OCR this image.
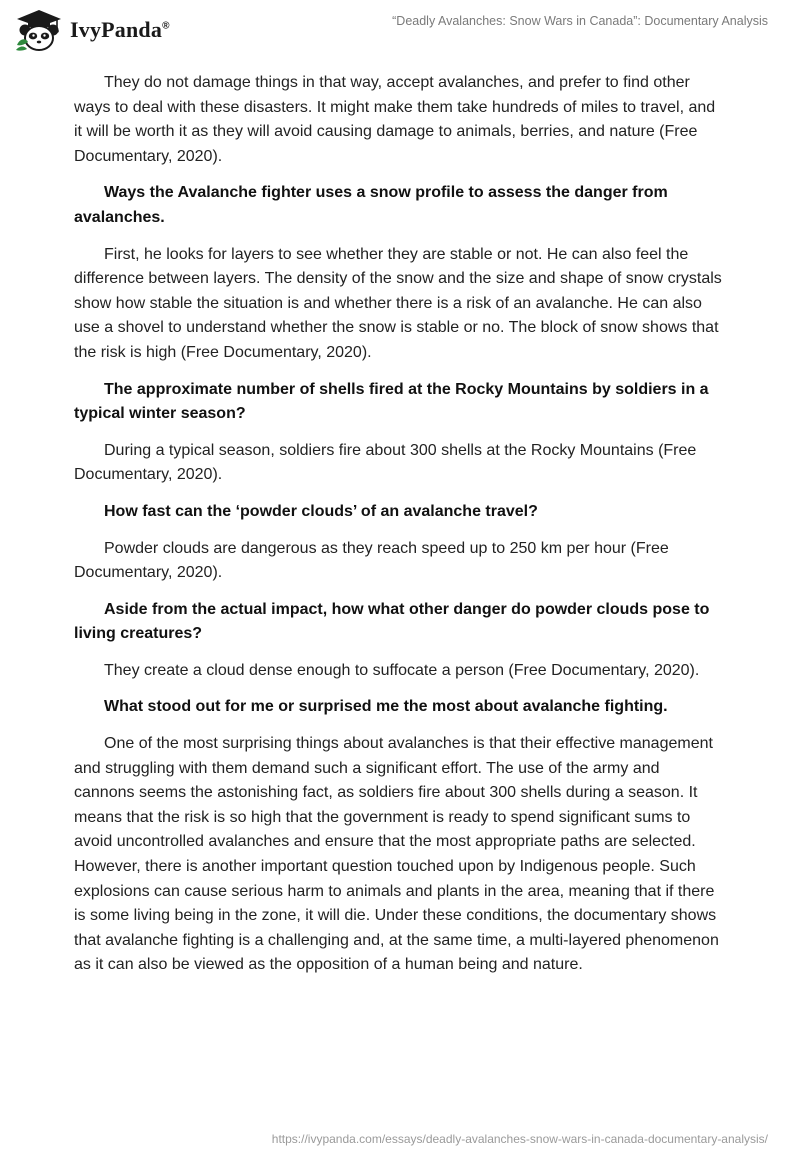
IvyPanda®	“Deadly Avalanches: Snow Wars in Canada”: Documentary Analysis

They do not damage things in that way, accept avalanches, and prefer to find other ways to deal with these disasters. It might make them take hundreds of miles to travel, and it will be worth it as they will avoid causing damage to animals, berries, and nature (Free Documentary, 2020).

Ways the Avalanche fighter uses a snow profile to assess the danger from avalanches.

First, he looks for layers to see whether they are stable or not. He can also feel the difference between layers. The density of the snow and the size and shape of snow crystals show how stable the situation is and whether there is a risk of an avalanche. He can also use a shovel to understand whether the snow is stable or no. The block of snow shows that the risk is high (Free Documentary, 2020).

The approximate number of shells fired at the Rocky Mountains by soldiers in a typical winter season?

During a typical season, soldiers fire about 300 shells at the Rocky Mountains (Free Documentary, 2020).

How fast can the ‘powder clouds’ of an avalanche travel?

Powder clouds are dangerous as they reach speed up to 250 km per hour (Free Documentary, 2020).

Aside from the actual impact, how what other danger do powder clouds pose to living creatures?

They create a cloud dense enough to suffocate a person (Free Documentary, 2020).

What stood out for me or surprised me the most about avalanche fighting.

One of the most surprising things about avalanches is that their effective management and struggling with them demand such a significant effort. The use of the army and cannons seems the astonishing fact, as soldiers fire about 300 shells during a season. It means that the risk is so high that the government is ready to spend significant sums to avoid uncontrolled avalanches and ensure that the most appropriate paths are selected. However, there is another important question touched upon by Indigenous people. Such explosions can cause serious harm to animals and plants in the area, meaning that if there is some living being in the zone, it will die. Under these conditions, the documentary shows that avalanche fighting is a challenging and, at the same time, a multi-layered phenomenon as it can also be viewed as the opposition of a human being and nature.

https://ivypanda.com/essays/deadly-avalanches-snow-wars-in-canada-documentary-analysis/
